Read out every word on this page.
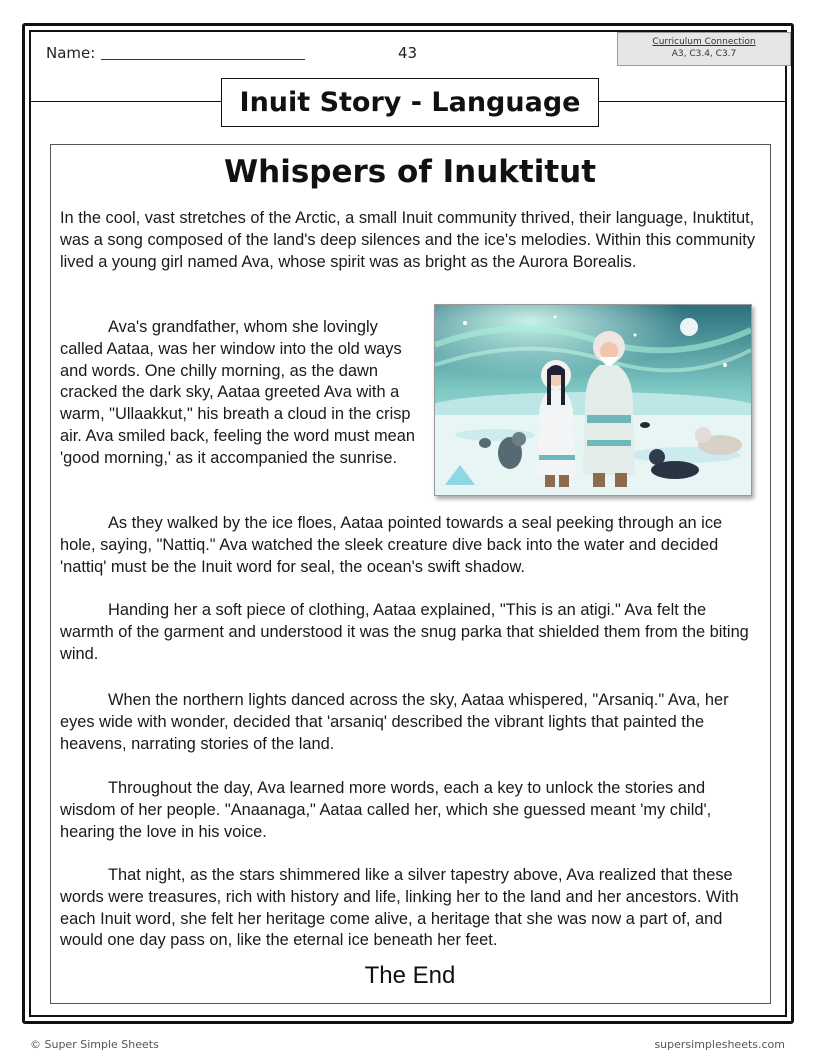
Name:	43
Curriculum Connection
A3, C3.4, C3.7
Inuit Story - Language
Whispers of Inuktitut

In the cool, vast stretches of the Arctic, a small Inuit community thrived, their language, Inuktitut, was a song composed of the land's deep silences and the ice's melodies. Within this community lived a young girl named Ava, whose spirit was as bright as the Aurora Borealis.

Ava's grandfather, whom she lovingly called Aataa, was her window into the old ways and words. One chilly morning, as the dawn cracked the dark sky, Aataa greeted Ava with a warm, "Ullaakkut," his breath a cloud in the crisp air. Ava smiled back, feeling the word must mean 'good morning,' as it accompanied the sunrise.

As they walked by the ice floes, Aataa pointed towards a seal peeking through an ice hole, saying, "Nattiq." Ava watched the sleek creature dive back into the water and decided 'nattiq' must be the Inuit word for seal, the ocean's swift shadow.

Handing her a soft piece of clothing, Aataa explained, "This is an atigi." Ava felt the warmth of the garment and understood it was the snug parka that shielded them from the biting wind.

When the northern lights danced across the sky, Aataa whispered, "Arsaniq." Ava, her eyes wide with wonder, decided that 'arsaniq' described the vibrant lights that painted the heavens, narrating stories of the land.

Throughout the day, Ava learned more words, each a key to unlock the stories and wisdom of her people. "Anaanaga," Aataa called her, which she guessed meant 'my child', hearing the love in his voice.

That night, as the stars shimmered like a silver tapestry above, Ava realized that these words were treasures, rich with history and life, linking her to the land and her ancestors. With each Inuit word, she felt her heritage come alive, a heritage that she was now a part of, and would one day pass on, like the eternal ice beneath her feet.

The End
© Super Simple Sheets	supersimplesheets.com
